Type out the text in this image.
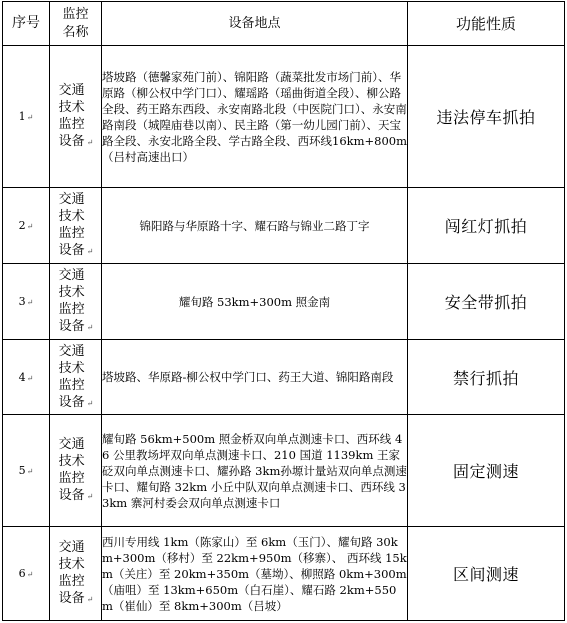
序号	监控名称	设备地点	功能性质
1↵	交通技术监控设备 ↵	塔坡路（德馨家苑门前）、锦阳路（蔬菜批发市场门前）、华原路（柳公权中学门口）、耀瑶路（瑶曲街道全段）、柳公路全段、药王路东西段、永安南路北段（中医院门口）、永安南路南段（城隍庙巷以南）、民主路（第一幼儿园门前）、天宝路全段、永安北路全段、学古路全段、西环线16km+800m （吕村高速出口）	违法停车抓拍
2↵	交通技术监控设备 ↵	锦阳路与华原路十字、耀石路与锦业二路丁字	闯红灯抓拍
3↵	交通技术监控设备 ↵	耀旬路 53km+300m 照金南	安全带抓拍
4↵	交通技术监控设备 ↵	塔坡路、华原路-柳公权中学门口、药王大道、锦阳路南段	禁行抓拍
5↵	交通技术监控设备 ↵	耀旬路 56km+500m 照金桥双向单点测速卡口、西环线 46 公里教场坪双向单点测速卡口、210 国道 1139km 王家砭双向单点测速卡口、耀孙路 3km孙塬计量站双向单点测速卡口、耀旬路 32km 小丘中队双向单点测速卡口、西环线 33km 寨河村委会双向单点测速卡口	固定测速
6↵	交通技术监控设备 ↵	西川专用线 1km（陈家山）至 6km（玉门）、耀旬路 30km+300m（移村）至 22km+950m（移寨）、 西环线 15km（关庄）至 20km+350m（墓坳）、柳照路 0km+300m（庙咀）至 13km+650m（白石崖）、耀石路 2km+550m（崔仙）至 8km+300m（吕坡）	区间测速
